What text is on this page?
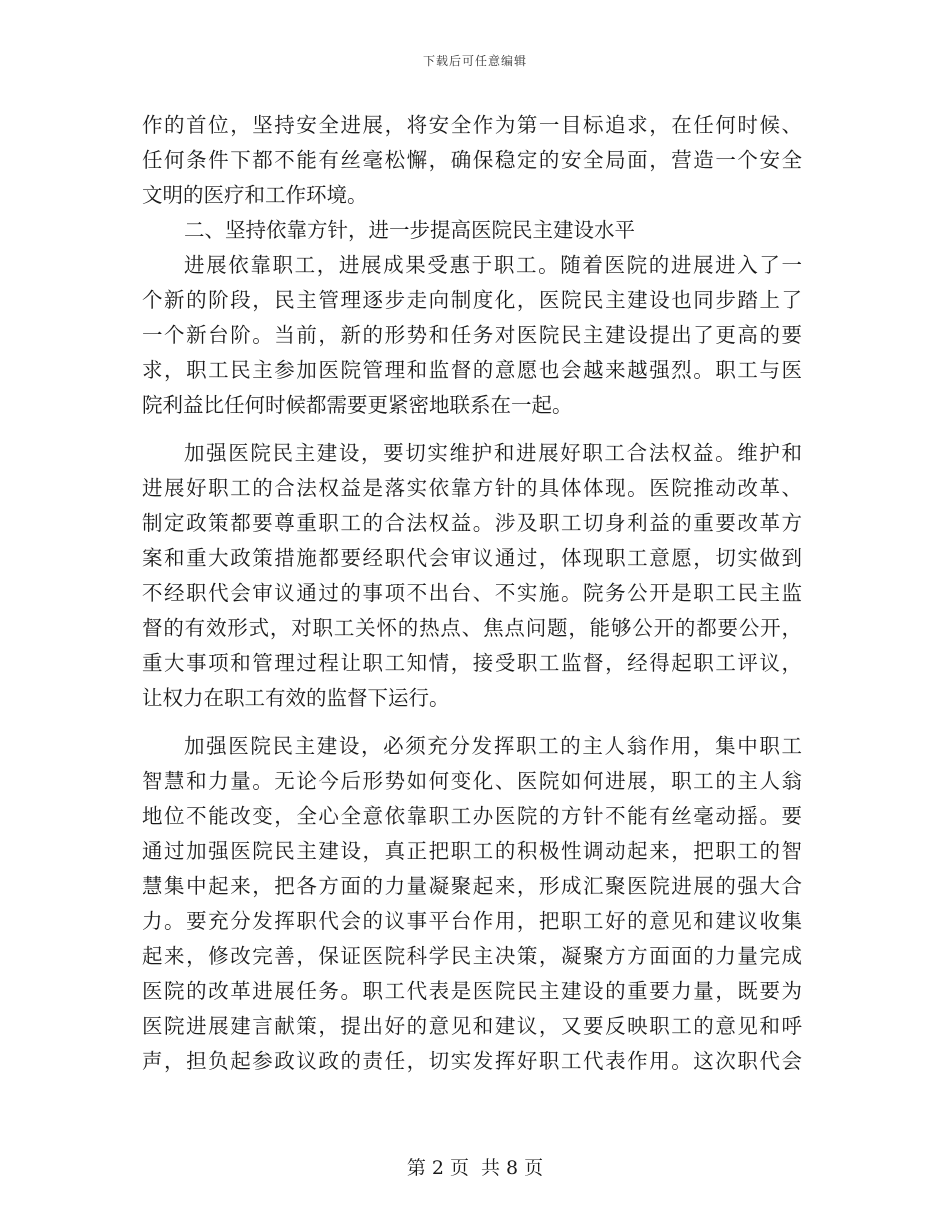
下载后可任意编辑
作的首位，坚持安全进展，将安全作为第一目标追求，在任何时候、
任何条件下都不能有丝毫松懈，确保稳定的安全局面，营造一个安全
文明的医疗和工作环境。
二、坚持依靠方针，进一步提高医院民主建设水平
进展依靠职工，进展成果受惠于职工。随着医院的进展进入了一
个新的阶段，民主管理逐步走向制度化，医院民主建设也同步踏上了
一个新台阶。当前，新的形势和任务对医院民主建设提出了更高的要
求，职工民主参加医院管理和监督的意愿也会越来越强烈。职工与医
院利益比任何时候都需要更紧密地联系在一起。
加强医院民主建设，要切实维护和进展好职工合法权益。维护和
进展好职工的合法权益是落实依靠方针的具体体现。医院推动改革、
制定政策都要尊重职工的合法权益。涉及职工切身利益的重要改革方
案和重大政策措施都要经职代会审议通过，体现职工意愿，切实做到
不经职代会审议通过的事项不出台、不实施。院务公开是职工民主监
督的有效形式，对职工关怀的热点、焦点问题，能够公开的都要公开，
重大事项和管理过程让职工知情，接受职工监督，经得起职工评议，
让权力在职工有效的监督下运行。
加强医院民主建设，必须充分发挥职工的主人翁作用，集中职工
智慧和力量。无论今后形势如何变化、医院如何进展，职工的主人翁
地位不能改变，全心全意依靠职工办医院的方针不能有丝毫动摇。要
通过加强医院民主建设，真正把职工的积极性调动起来，把职工的智
慧集中起来，把各方面的力量凝聚起来，形成汇聚医院进展的强大合
力。要充分发挥职代会的议事平台作用，把职工好的意见和建议收集
起来，修改完善，保证医院科学民主决策，凝聚方方面面的力量完成
医院的改革进展任务。职工代表是医院民主建设的重要力量，既要为
医院进展建言献策，提出好的意见和建议，又要反映职工的意见和呼
声，担负起参政议政的责任，切实发挥好职工代表作用。这次职代会
第 2 页 共 8 页
